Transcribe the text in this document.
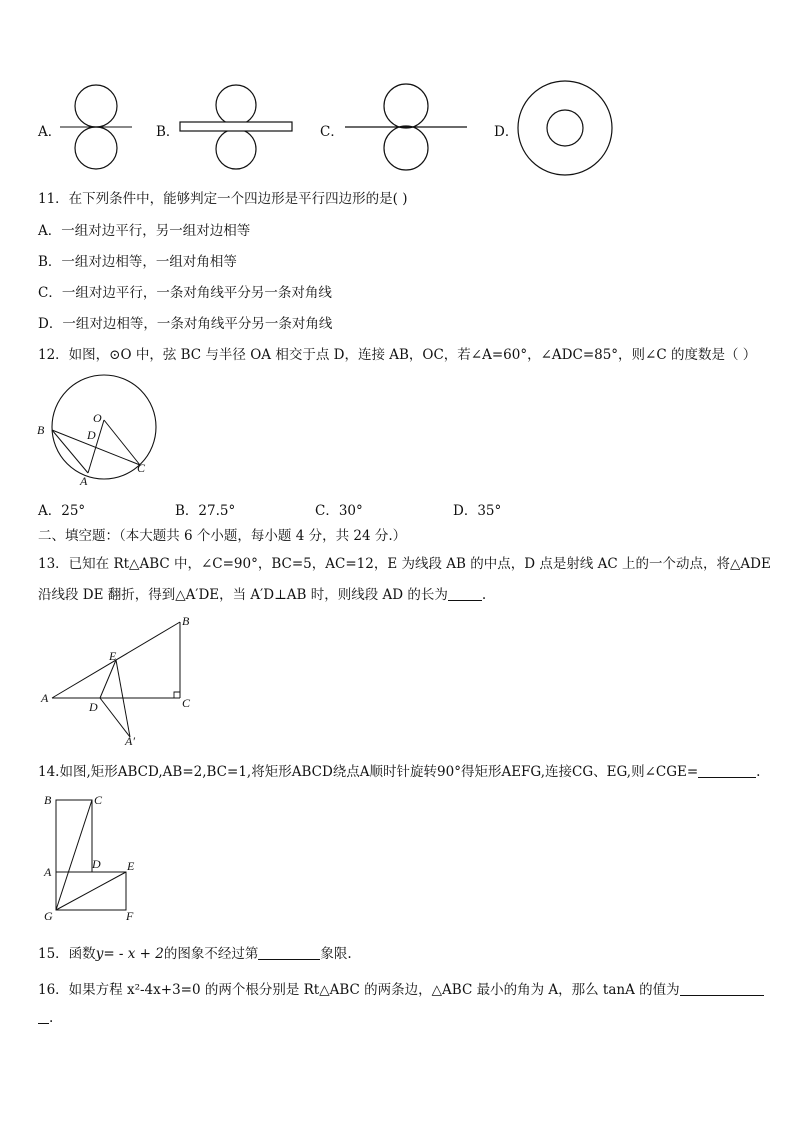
A．	B．	C．	D．
11．在下列条件中，能够判定一个四边形是平行四边形的是( )
A．一组对边平行，另一组对边相等
B．一组对边相等，一组对角相等
C．一组对边平行，一条对角线平分另一条对角线
D．一组对边相等，一条对角线平分另一条对角线
12．如图，⊙O 中，弦 BC 与半径 OA 相交于点 D，连接 AB，OC，若∠A=60°，∠ADC=85°，则∠C 的度数是（ ）
O
B	D
A
C
A．25°	B．27.5°	C．30°	D．35°
二、填空题：（本大题共 6 个小题，每小题 4 分，共 24 分.）
13．已知在 Rt△ABC 中，∠C=90°，BC=5，AC=12，E 为线段 AB 的中点，D 点是射线 AC 上的一个动点，将△ADE
沿线段 DE 翻折，得到△A′DE，当 A′D⊥AB 时，则线段 AD 的长为	.
A
B
C
E
D
A′
14.如图,矩形ABCD,AB=2,BC=1,将矩形ABCD绕点A顺时针旋转90°得矩形AEFG,连接CG、EG,则∠CGE=	.
B	C
A
D E
G	F
15．函数y= - x + 2的图象不经过第	象限.
16．如果方程 x²-4x+3=0 的两个根分别是 Rt△ABC 的两条边，△ABC 最小的角为 A，那么 tanA 的值为
.
